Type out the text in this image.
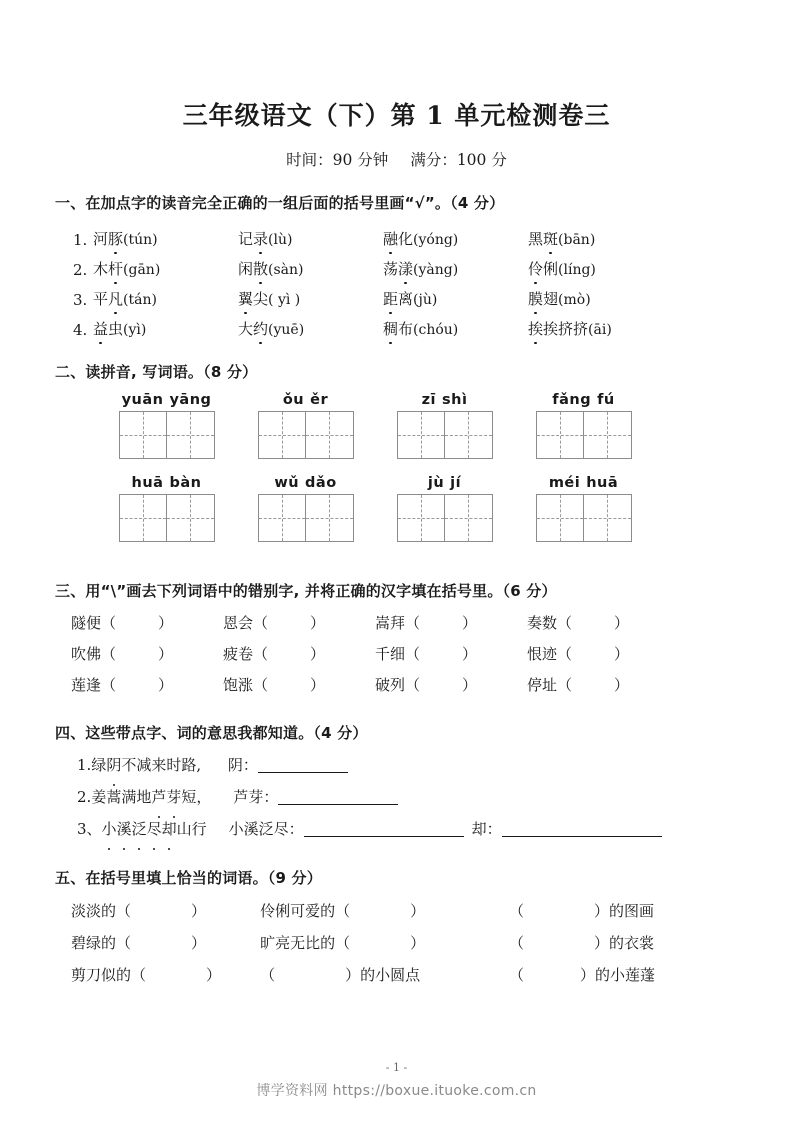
三年级语文（下）第 1 单元检测卷三

时间：90 分钟 满分：100 分

一、在加点字的读音完全正确的一组后面的括号里画“√”。（4 分）
1. 河豚(tún)	记录(lù)	融化(yóng)	黑斑(bān)
2. 木杆(gān)	闲散(sàn)	荡漾(yàng)	伶俐(líng)
3. 平凡(tán)	翼尖( yì )	距离(jù)	膜翅(mò)
4. 益虫(yì)	大约(yuē)	稠布(chóu)	挨挨挤挤(āi)
二、读拼音, 写词语。（8 分）
yuān yāng	ǒu ěr	zī shì	fǎng fú
huā bàn	wǔ dǎo	jù jí	méi huā
三、用“\”画去下列词语中的错别字, 并将正确的汉字填在括号里。（6 分）
隧便（	）	恩会（	）	嵩拜（	）	奏数（	）
吹佛（	）	疲卷（	）	千细（	）	恨迹（	）
莲逢（	）	饱涨（	）	破列（	）	停址（	）
四、这些带点字、词的意思我都知道。（4 分）
1.绿阴不减来时路, 阴：
2.姜蒿满地芦芽短， 芦芽：
3、小溪泛尽却山行 小溪泛尽：	却：
五、在括号里填上恰当的词语。（9 分）
淡淡的（	）	伶俐可爱的（	）	（	）的图画
碧绿的（	）	旷亮无比的（	）	（	）的衣裳
剪刀似的（	）	（	）的小圆点	（	）的小莲蓬
- 1 -
博学资料网 https://boxue.ituoke.com.cn
